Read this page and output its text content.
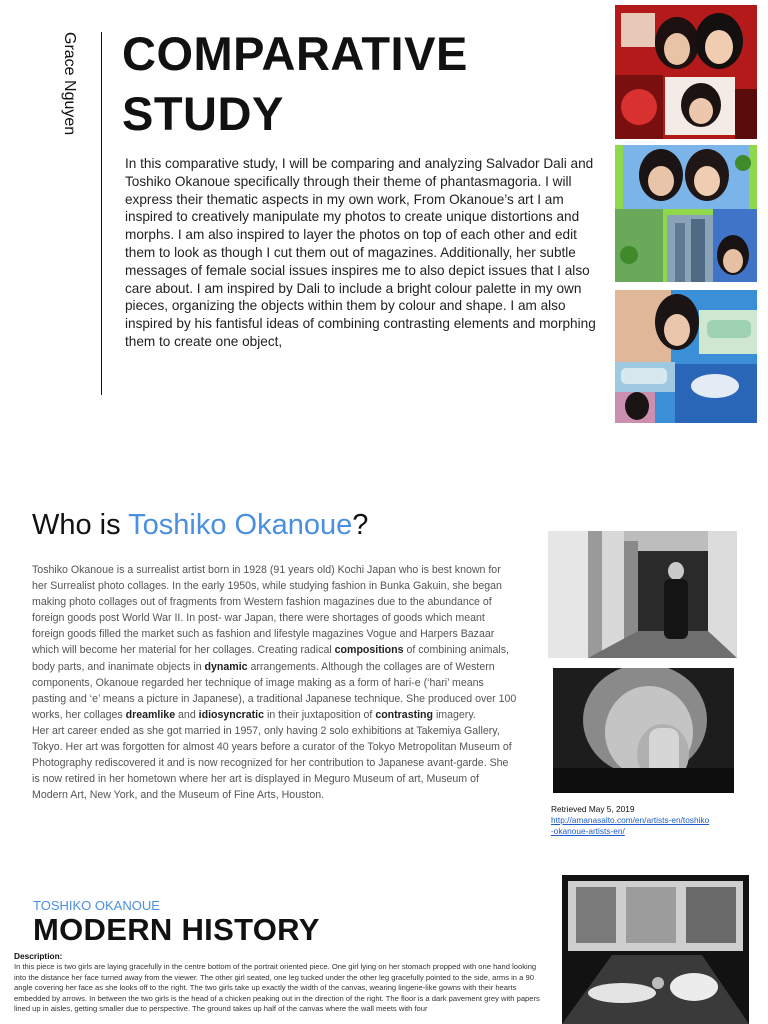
Grace Nguyen COMPARATIVE
STUDY
In this comparative study, I will be comparing and analyzing Salvador Dali and Toshiko Okanoue specifically through their theme of phantasmagoria. I will express their thematic aspects in my own work, From Okanoue’s art I am inspired to creatively manipulate my photos to create unique distortions and morphs. I am also inspired to layer the photos on top of each other and edit them to look as though I cut them out of magazines. Additionally, her subtle messages of female social issues inspires me to also depict issues that I also care about. I am inspired by Dali to include a bright colour palette in my own pieces, organizing the objects within them by colour and shape. I am also inspired by his fantisful ideas of combining contrasting elements and morphing them to create one object,
Who is Toshiko Okanoue?
Toshiko Okanoue is a surrealist artist born in 1928 (91 years old) Kochi Japan who is best known for her Surrealist photo collages. In the early 1950s, while studying fashion in Bunka Gakuin, she began making photo collages out of fragments from Western fashion magazines due to the abundance of foreign goods post World War II. In post- war Japan, there were shortages of goods which meant foreign goods filled the market such as fashion and lifestyle magazines Vogue and Harpers Bazaar which will become her material for her collages. Creating radical compositions of combining animals, body parts, and inanimate objects in dynamic arrangements. Although the collages are of Western components, Okanoue regarded her technique of image making as a form of hari-e (‘hari’ means pasting and ‘e’ means a picture in Japanese), a traditional Japanese technique. She produced over 100 works, her collages dreamlike and idiosyncratic in their juxtaposition of contrasting imagery.
Her art career ended as she got married in 1957, only having 2 solo exhibitions at Takemiya Gallery, Tokyo. Her art was forgotten for almost 40 years before a curator of the Tokyo Metropolitan Museum of Photography rediscovered it and is now recognized for her contribution to Japanese avant-garde. She is now retired in her hometown where her art is displayed in Meguro Museum of art, Museum of Modern Art, New York, and the Museum of Fine Arts, Houston.
Retrieved May 5, 2019
http://amanasalto.com/en/artists-en/toshiko
-okanoue-artists-en/
TOSHIKO OKANOUE
MODERN HISTORY
Description:
In this piece is two girls are laying gracefully in the centre bottom of the portrait oriented piece. One girl lying on her stomach propped with one hand looking into the distance her face turned away from the viewer. The other girl seated, one leg tucked under the other leg gracefully pointed to the side, arms in a 90 angle covering her face as she looks off to the right. The two girls take up exactly the width of the canvas, wearing lingerie-like gowns with their hearts embedded by arrows. In between the two girls is the head of a chicken peaking out in the direction of the right. The floor is a dark pavement grey with papers lined up in aisles, getting smaller due to perspective. The ground takes up half of the canvas where the wall meets with four
